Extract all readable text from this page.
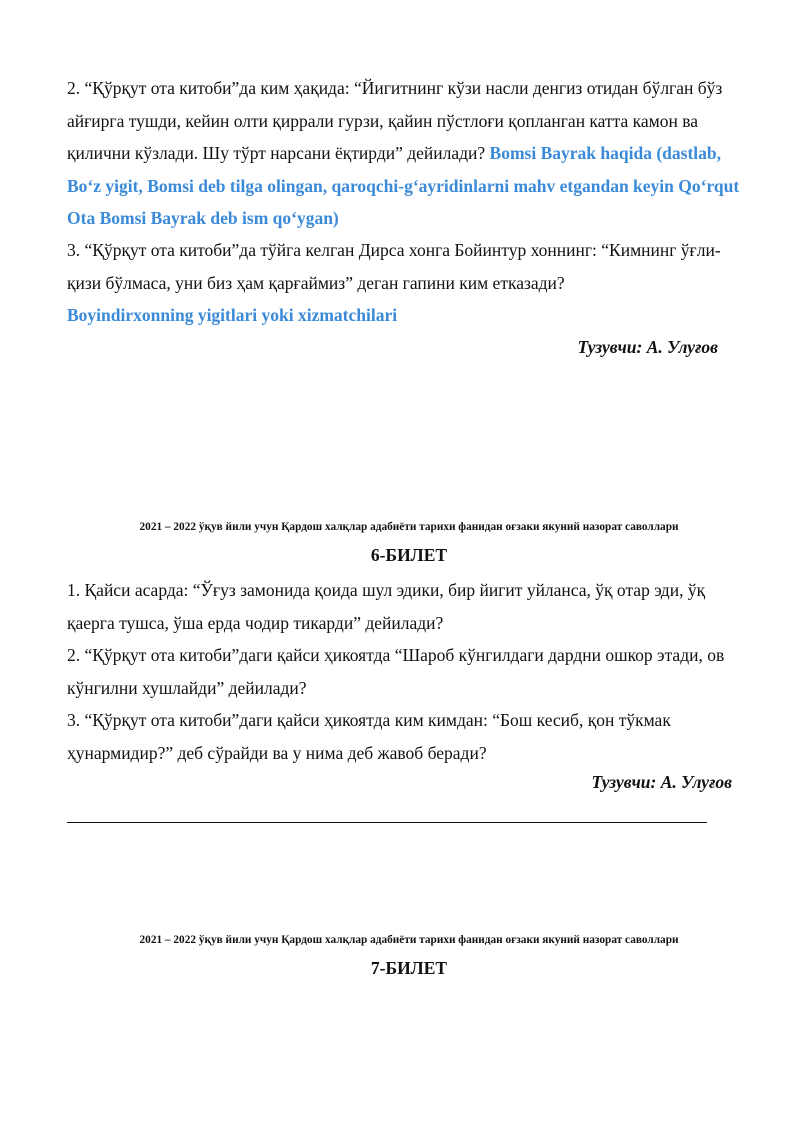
2. “Қўрқут ота китоби”да ким ҳақида: “Йигитнинг кўзи насли денгиз отидан бўлган бўз айғирга тушди, кейин олти қиррали гурзи, қайин пўстлоғи қопланган катта камон ва қилични кўзлади. Шу тўрт нарсани ёқтирди” дейилади? Bomsi Bayrak haqida (dastlab, Bo‘z yigit, Bomsi deb tilga olingan, qaroqchi-g‘ayridinlarni mahv etgandan keyin Qo‘rqut Ota Bomsi Bayrak deb ism qo‘ygan)

3. “Қўрқут ота китоби”да тўйга келган Дирса хонга Бойинтур хоннинг: “Кимнинг ўғли-қизи бўлмаса, уни биз ҳам қарғаймиз” деган гапини ким етказади?
Boyindirxonning yigitlari yoki xizmatchilari

Тузувчи: А. Улуғов
2021 – 2022 ўқув йили учун Қардош халқлар адабиёти тарихи фанидан оғзаки якуний назорат саволлари
6-БИЛЕТ

1. Қайси асарда: “Ўғуз замонида қоида шул эдики, бир йигит уйланса, ўқ отар эди, ўқ қаерга тушса, ўша ерда чодир тикарди” дейилади?

2. “Қўрқут ота китоби”даги қайси ҳикоятда “Шароб кўнгилдаги дардни ошкор этади, ов кўнгилни хушлайди” дейилади?

3. “Қўрқут ота китоби”даги қайси ҳикоятда ким кимдан: “Бош кесиб, қон тўкмак ҳунармидир?” деб сўрайди ва у нима деб жавоб беради?

Тузувчи: А. Улуғов
2021 – 2022 ўқув йили учун Қардош халқлар адабиёти тарихи фанидан оғзаки якуний назорат саволлари
7-БИЛЕТ
